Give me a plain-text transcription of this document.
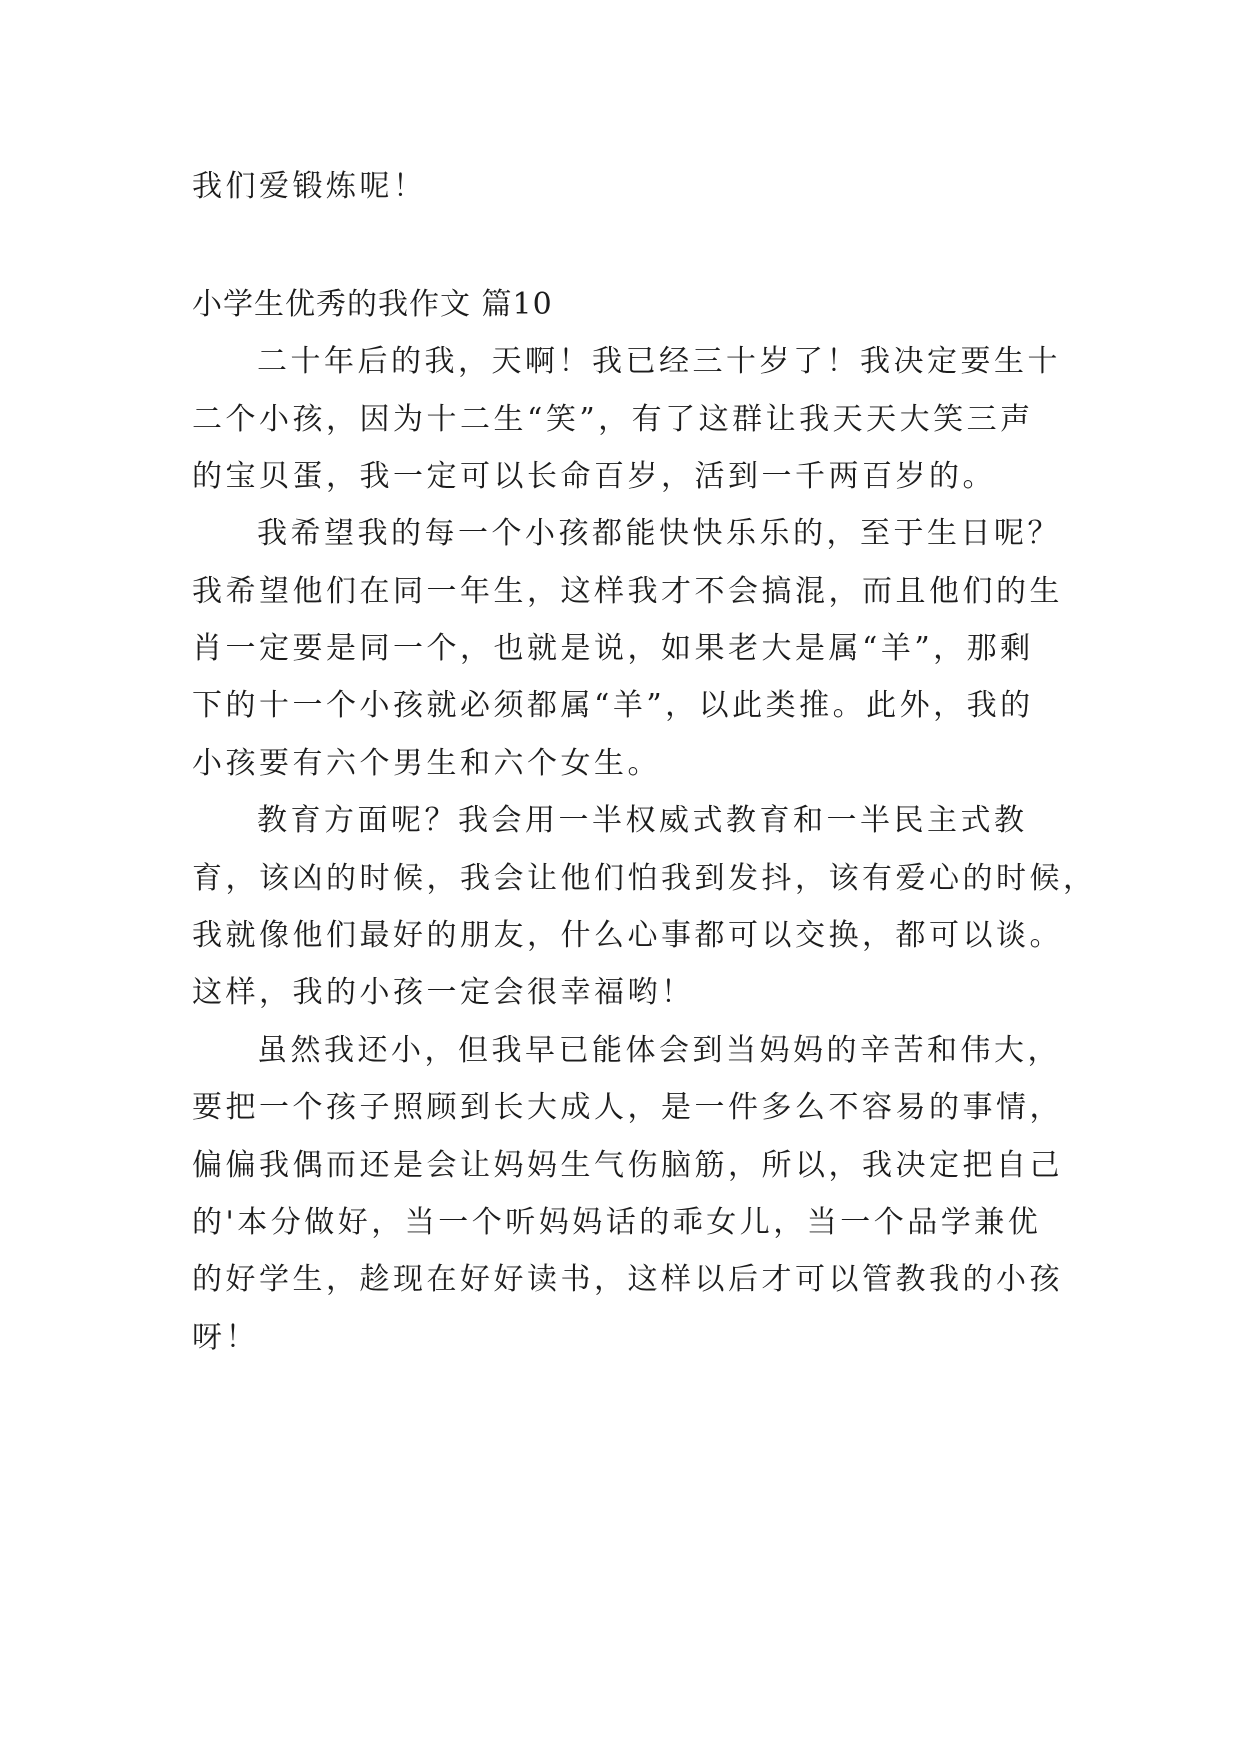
我们爱锻炼呢！
小学生优秀的我作文 篇10
二十年后的我，天啊！我已经三十岁了！我决定要生十
二个小孩，因为十二生“笑”，有了这群让我天天大笑三声
的宝贝蛋，我一定可以长命百岁，活到一千两百岁的。
我希望我的每一个小孩都能快快乐乐的，至于生日呢？
我希望他们在同一年生，这样我才不会搞混，而且他们的生
肖一定要是同一个，也就是说，如果老大是属“羊”，那剩
下的十一个小孩就必须都属“羊”，以此类推。此外，我的
小孩要有六个男生和六个女生。
教育方面呢？我会用一半权威式教育和一半民主式教
育，该凶的时候，我会让他们怕我到发抖，该有爱心的时候，
我就像他们最好的朋友，什么心事都可以交换，都可以谈。
这样，我的小孩一定会很幸福哟！
虽然我还小，但我早已能体会到当妈妈的辛苦和伟大，
要把一个孩子照顾到长大成人，是一件多么不容易的事情，
偏偏我偶而还是会让妈妈生气伤脑筋，所以，我决定把自己
的'本分做好，当一个听妈妈话的乖女儿，当一个品学兼优
的好学生，趁现在好好读书，这样以后才可以管教我的小孩
呀！
